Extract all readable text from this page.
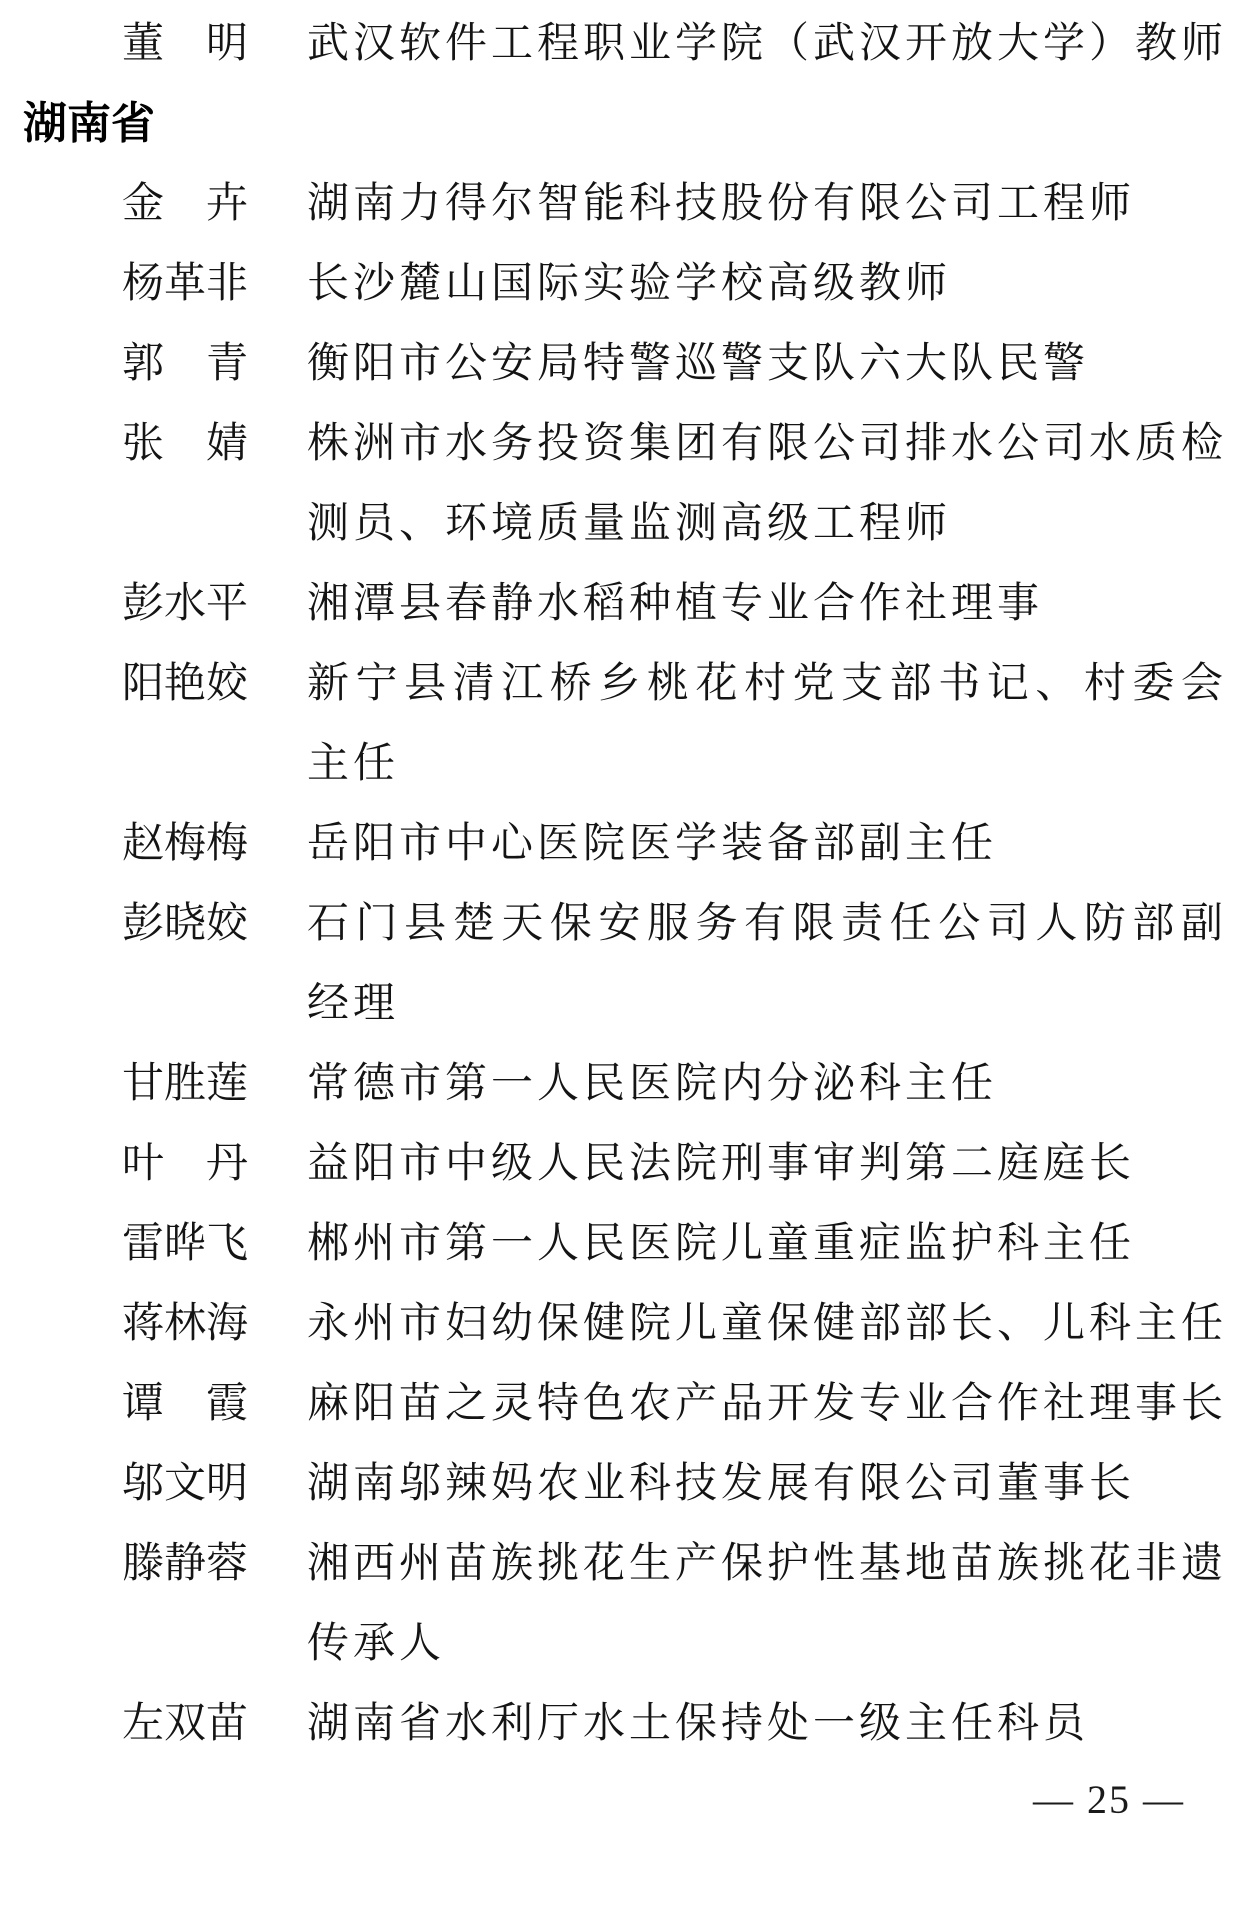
董明 武汉软件工程职业学院（武汉开放大学）教师
湖南省
金卉 湖南力得尔智能科技股份有限公司工程师
杨革非 长沙麓山国际实验学校高级教师
郭青 衡阳市公安局特警巡警支队六大队民警
张婧 株洲市水务投资集团有限公司排水公司水质检
测员、环境质量监测高级工程师
彭水平 湘潭县春静水稻种植专业合作社理事
阳艳姣 新宁县清江桥乡桃花村党支部书记、村委会
主任
赵梅梅 岳阳市中心医院医学装备部副主任
彭晓姣 石门县楚天保安服务有限责任公司人防部副
经理
甘胜莲 常德市第一人民医院内分泌科主任
叶丹 益阳市中级人民法院刑事审判第二庭庭长
雷晔飞 郴州市第一人民医院儿童重症监护科主任
蒋林海 永州市妇幼保健院儿童保健部部长、儿科主任
谭霞 麻阳苗之灵特色农产品开发专业合作社理事长
邬文明 湖南邬辣妈农业科技发展有限公司董事长
滕静蓉 湘西州苗族挑花生产保护性基地苗族挑花非遗
传承人
左双苗 湖南省水利厅水土保持处一级主任科员
— 25 —
